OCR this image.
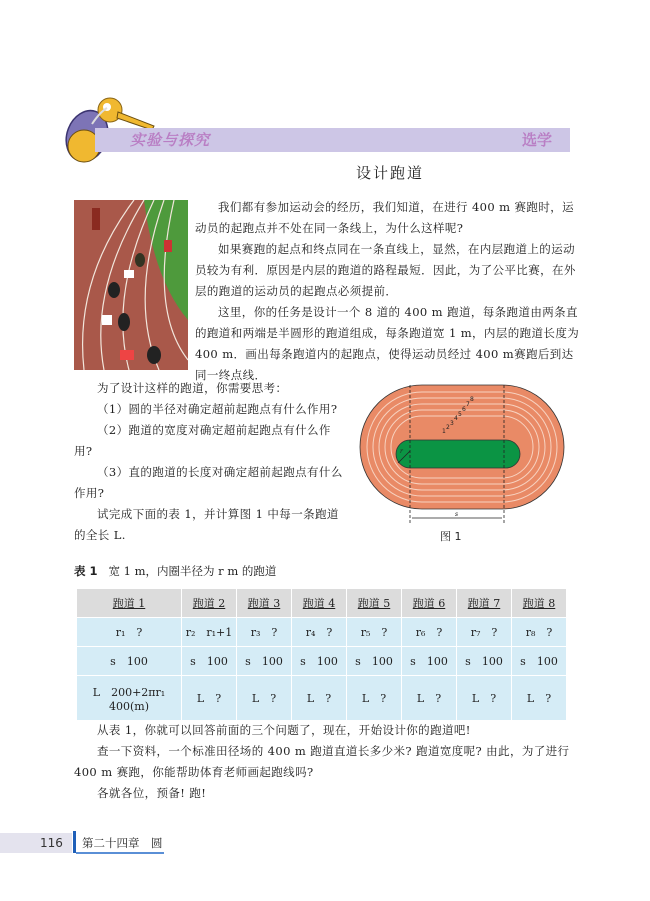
实验与探究	选学
设计跑道

我们都有参加运动会的经历，我们知道，在进行 400 m 赛跑时，运动员的起跑点并不处在同一条线上，为什么这样呢?

如果赛跑的起点和终点同在一条直线上，显然，在内层跑道上的运动员较为有利．原因是内层的跑道的路程最短．因此，为了公平比赛，在外层的跑道的运动员的起跑点必须提前．

这里，你的任务是设计一个 8 道的 400 m 跑道，每条跑道由两条直的跑道和两端是半圆形的跑道组成，每条跑道宽 1 m，内层的跑道长度为 400 m．画出每条跑道内的起跑点，使得运动员经过 400 m赛跑后到达同一终点线．

为了设计这样的跑道，你需要思考：

（1）圆的半径对确定超前起跑点有什么作用?

（2）跑道的宽度对确定超前起跑点有什么作用?

（3）直的跑道的长度对确定超前起跑点有什么作用?

试完成下面的表 1，并计算图 1 中每一条跑道的全长 L.

r
1
2
3
4
5
6
7
8
s
图 1
表 1 宽 1 m，内圈半径为 r m 的跑道
跑道 1	跑道 2	跑道 3	跑道 4	跑道 5	跑道 6	跑道 7	跑道 8
r₁　?	r₂　r₁+1	r₃　?	r₄　?	r₅　?	r₆　?	r₇　?	r₈　?
s　100	s　100	s　100	s　100	s　100	s　100	s　100	s　100

L　200+2πr₁
400(m)	L　?	L　?	L　?	L　?	L　?	L　?	L　?

从表 1，你就可以回答前面的三个问题了，现在，开始设计你的跑道吧!

查一下资料，一个标准田径场的 400 m 跑道直道长多少米? 跑道宽度呢? 由此，为了进行 400 m 赛跑，你能帮助体育老师画起跑线吗?

各就各位，预备! 跑!

116 第二十四章　圆
